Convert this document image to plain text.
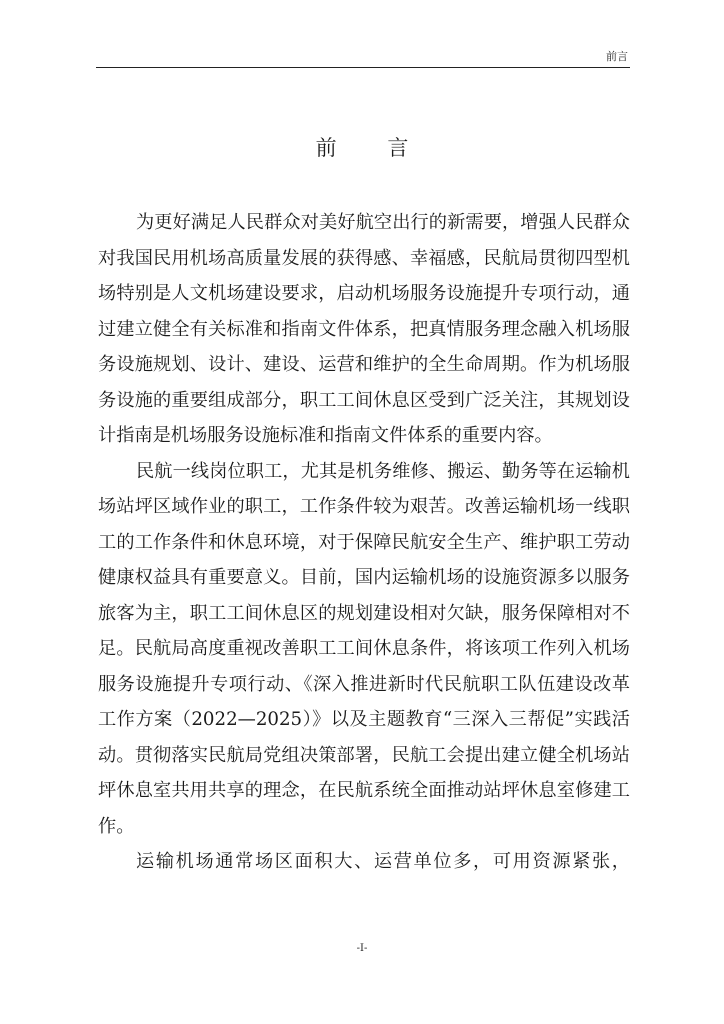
前言
前 言

为更好满足人民群众对美好航空出行的新需要，增强人民群众对我国民用机场高质量发展的获得感、幸福感，民航局贯彻四型机场特别是人文机场建设要求，启动机场服务设施提升专项行动，通过建立健全有关标准和指南文件体系，把真情服务理念融入机场服务设施规划、设计、建设、运营和维护的全生命周期。作为机场服务设施的重要组成部分，职工工间休息区受到广泛关注，其规划设计指南是机场服务设施标准和指南文件体系的重要内容。

民航一线岗位职工，尤其是机务维修、搬运、勤务等在运输机场站坪区域作业的职工，工作条件较为艰苦。改善运输机场一线职工的工作条件和休息环境，对于保障民航安全生产、维护职工劳动健康权益具有重要意义。目前，国内运输机场的设施资源多以服务旅客为主，职工工间休息区的规划建设相对欠缺，服务保障相对不足。民航局高度重视改善职工工间休息条件，将该项工作列入机场服务设施提升专项行动、《深入推进新时代民航职工队伍建设改革工作方案（2022—2025）》以及主题教育“三深入三帮促”实践活动。贯彻落实民航局党组决策部署，民航工会提出建立健全机场站坪休息室共用共享的理念，在民航系统全面推动站坪休息室修建工作。

运输机场通常场区面积大、运营单位多，可用资源紧张，

-I-
